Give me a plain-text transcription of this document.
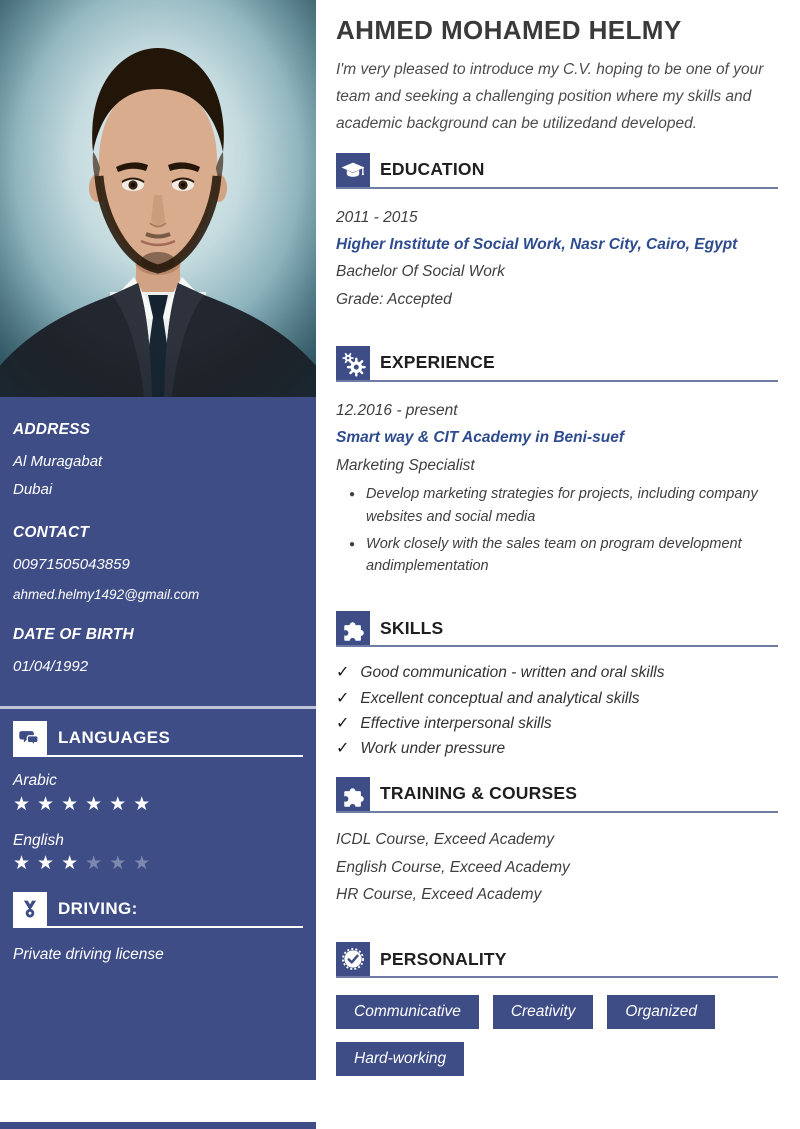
ADDRESS
Al Muragabat
Dubai
CONTACT
00971505043859
ahmed.helmy1492@gmail.com
DATE OF BIRTH
01/04/1992
LANGUAGES
Arabic
★★★★★★
English
★★★★★★
DRIVING:
Private driving license
AHMED MOHAMED HELMY
I'm very pleased to introduce my C.V. hoping to be one of your team and seeking a challenging position where my skills and academic background can be utilizedand developed.
EDUCATION
2011 - 2015
Higher Institute of Social Work, Nasr City, Cairo, Egypt
Bachelor Of Social Work
Grade: Accepted
EXPERIENCE
12.2016 - present
Smart way & CIT Academy in Beni-suef
Marketing Specialist
● Develop marketing strategies for projects, including company websites and social media
● Work closely with the sales team on program development andimplementation
SKILLS
✓ Good communication - written and oral skills
✓ Excellent conceptual and analytical skills
✓ Effective interpersonal skills
✓ Work under pressure
TRAINING & COURSES
ICDL Course, Exceed Academy
English Course, Exceed Academy
HR Course, Exceed Academy
PERSONALITY
Communicative	Creativity	Organized
Hard-working
